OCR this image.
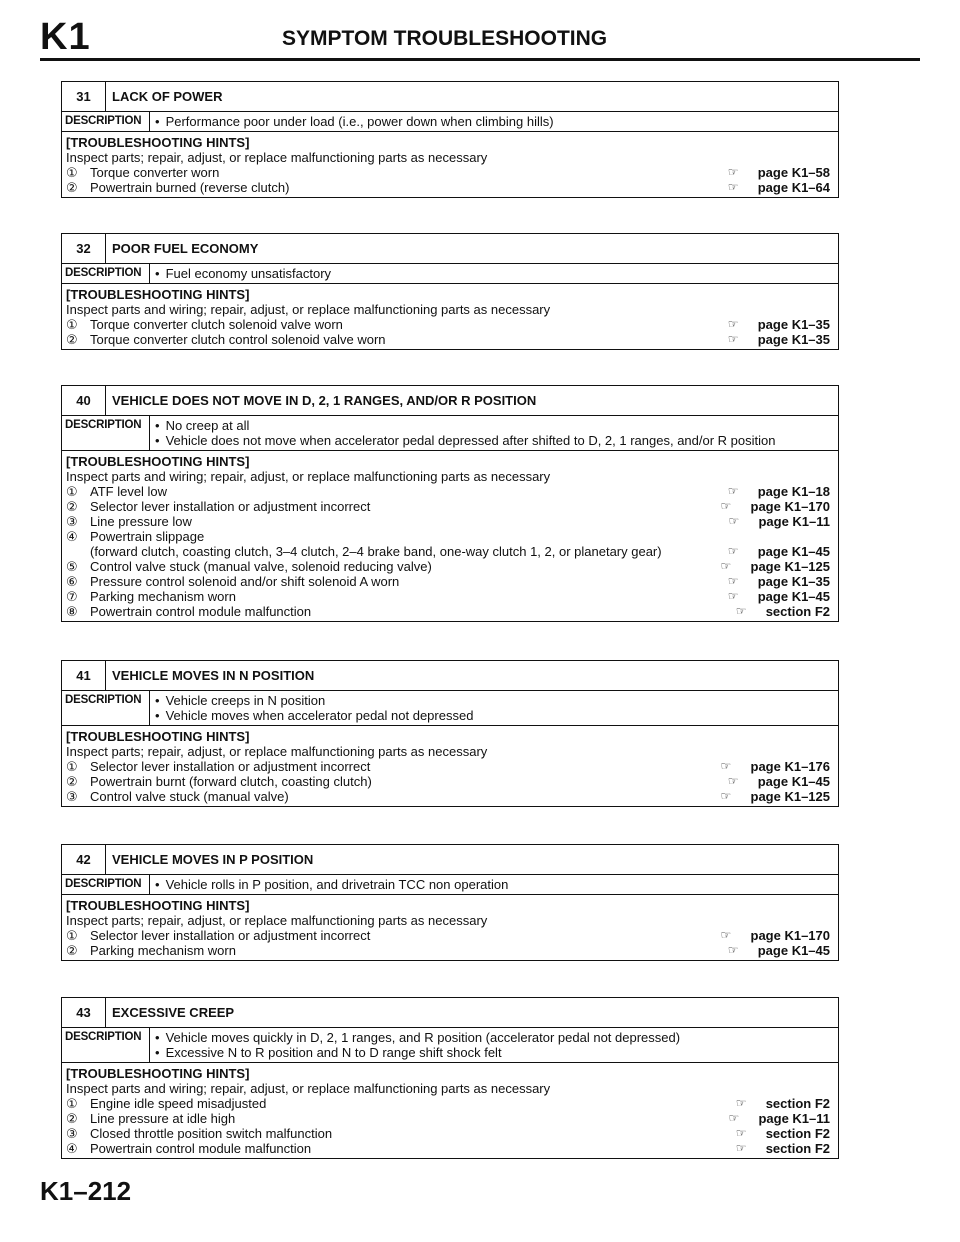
K1	SYMPTOM TROUBLESHOOTING
31	LACK OF POWER
DESCRIPTION	• Performance poor under load (i.e., power down when climbing hills)
[TROUBLESHOOTING HINTS]
Inspect parts; repair, adjust, or replace malfunctioning parts as necessary
① Torque converter worn	☞	page K1–58
② Powertrain burned (reverse clutch)	☞	page K1–64
32	POOR FUEL ECONOMY
DESCRIPTION	• Fuel economy unsatisfactory
[TROUBLESHOOTING HINTS]
Inspect parts and wiring; repair, adjust, or replace malfunctioning parts as necessary
① Torque converter clutch solenoid valve worn	☞	page K1–35
② Torque converter clutch control solenoid valve worn	☞	page K1–35
40	VEHICLE DOES NOT MOVE IN D, 2, 1 RANGES, AND/OR R POSITION
DESCRIPTION	• No creep at all
• Vehicle does not move when accelerator pedal depressed after shifted to D, 2, 1 ranges, and/or R position
[TROUBLESHOOTING HINTS]
Inspect parts and wiring; repair, adjust, or replace malfunctioning parts as necessary
① ATF level low	☞	page K1–18
② Selector lever installation or adjustment incorrect	☞	page K1–170
③ Line pressure low	☞	page K1–11
④ Powertrain slippage
(forward clutch, coasting clutch, 3–4 clutch, 2–4 brake band, one-way clutch 1, 2, or planetary gear)	☞	page K1–45
⑤ Control valve stuck (manual valve, solenoid reducing valve)	☞	page K1–125
⑥ Pressure control solenoid and/or shift solenoid A worn	☞	page K1–35
⑦ Parking mechanism worn	☞	page K1–45
⑧ Powertrain control module malfunction	☞	section F2
41	VEHICLE MOVES IN N POSITION
DESCRIPTION	• Vehicle creeps in N position
• Vehicle moves when accelerator pedal not depressed
[TROUBLESHOOTING HINTS]
Inspect parts; repair, adjust, or replace malfunctioning parts as necessary
① Selector lever installation or adjustment incorrect	☞	page K1–176
② Powertrain burnt (forward clutch, coasting clutch)	☞	page K1–45
③ Control valve stuck (manual valve)	☞	page K1–125
42	VEHICLE MOVES IN P POSITION
DESCRIPTION	• Vehicle rolls in P position, and drivetrain TCC non operation
[TROUBLESHOOTING HINTS]
Inspect parts; repair, adjust, or replace malfunctioning parts as necessary
① Selector lever installation or adjustment incorrect	☞	page K1–170
② Parking mechanism worn	☞	page K1–45
43	EXCESSIVE CREEP
DESCRIPTION	• Vehicle moves quickly in D, 2, 1 ranges, and R position (accelerator pedal not depressed)
• Excessive N to R position and N to D range shift shock felt
[TROUBLESHOOTING HINTS]
Inspect parts and wiring; repair, adjust, or replace malfunctioning parts as necessary
① Engine idle speed misadjusted	☞	section F2
② Line pressure at idle high	☞	page K1–11
③ Closed throttle position switch malfunction	☞	section F2
④ Powertrain control module malfunction	☞	section F2
K1–212
